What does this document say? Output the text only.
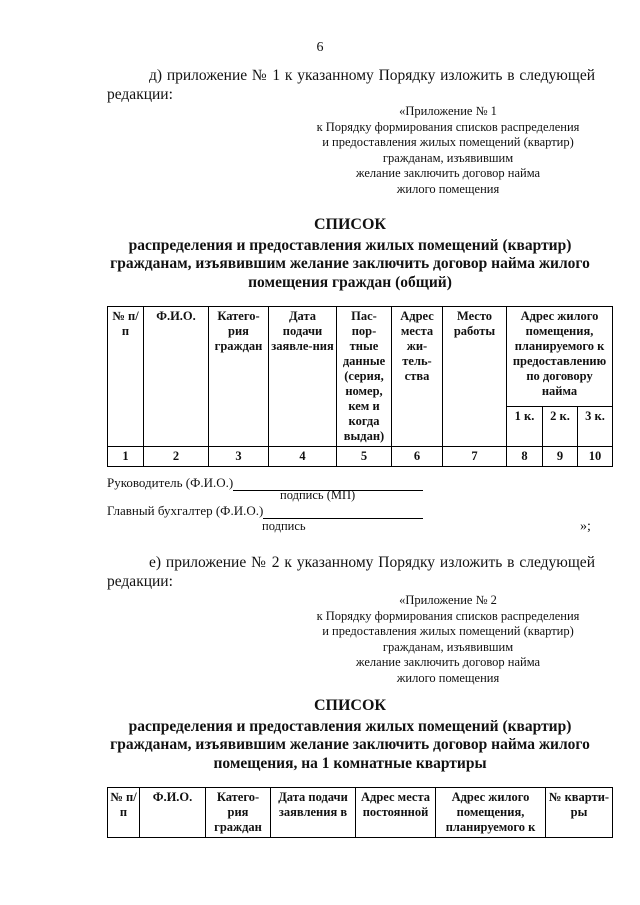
6
д) приложение № 1 к указанному Порядку изложить в следующей
редакции:
«Приложение № 1
к Порядку формирования списков распределения
и предоставления жилых помещений (квартир)
гражданам, изъявившим
желание заключить договор найма
жилого помещения
СПИСОК
распределения и предоставления жилых помещений (квартир)
гражданам, изъявившим желание заключить договор найма жилого
помещения граждан (общий)
№ п/п	Ф.И.О.	Катего-рия граждан	Дата подачи заявле-ния	Пас-пор-тные данные (серия, номер, кем и когда выдан)	Адрес места жи-тель-ства	Место работы	Адрес жилого помещения, планируемого к предоставлению по договору найма		
							1 к.	2 к.	3 к.
1	2	3	4	5	6	7	8	9	10
Руководитель (Ф.И.О.)
подпись (МП)
Главный бухгалтер (Ф.И.О.)
подпись	»;
е) приложение № 2 к указанному Порядку изложить в следующей
редакции:
«Приложение № 2
к Порядку формирования списков распределения
и предоставления жилых помещений (квартир)
гражданам, изъявившим
желание заключить договор найма
жилого помещения
СПИСОК
распределения и предоставления жилых помещений (квартир)
гражданам, изъявившим желание заключить договор найма жилого
помещения, на 1 комнатные квартиры
№ п/п	Ф.И.О.	Катего-рия граждан	Дата подачи заявления в	Адрес места постоянной	Адрес жилого помещения, планируемого к	№ кварти-ры
